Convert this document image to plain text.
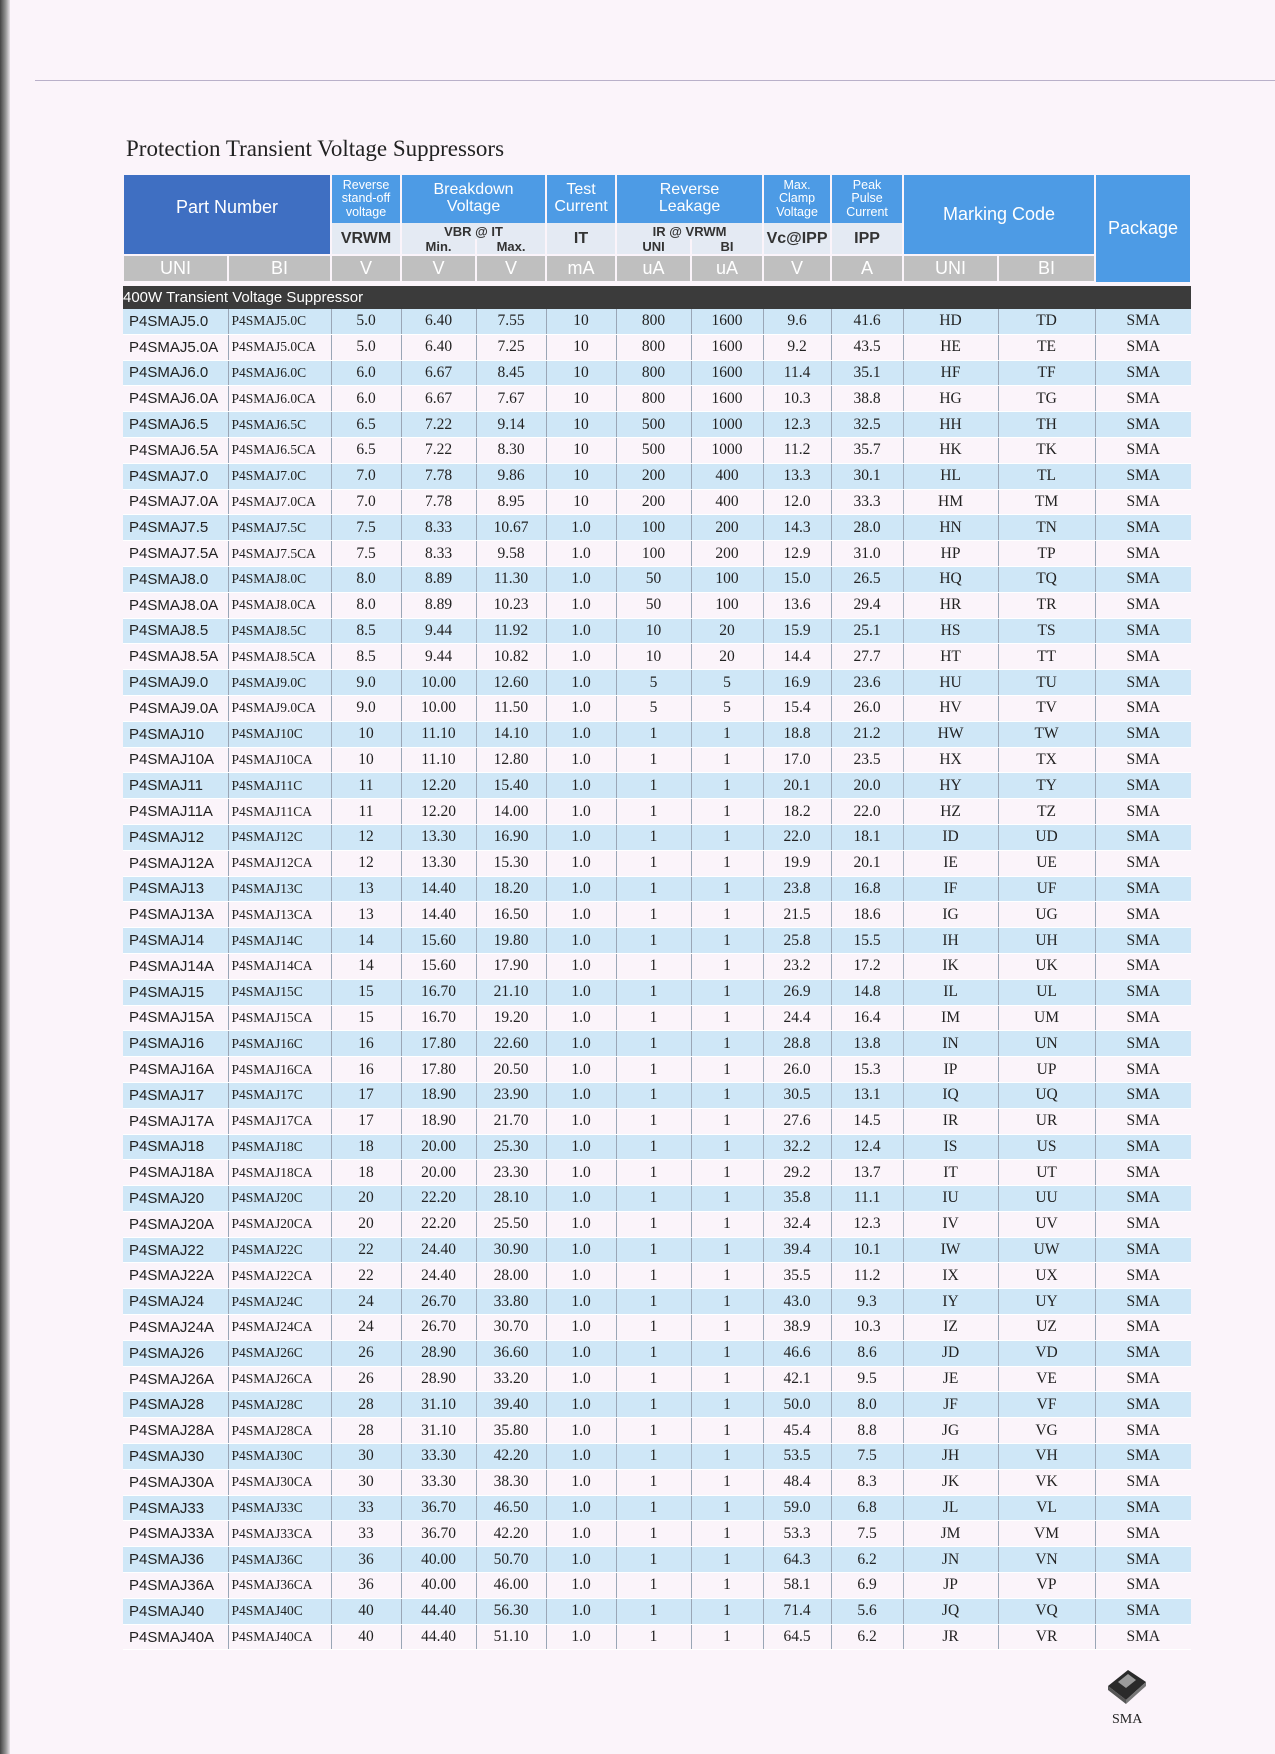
Protection Transient Voltage Suppressors
Part Number		Reverse
stand-off
voltage	Breakdown
Voltage		Test
Current	Reverse
Leakage		Max.
Clamp
Voltage	Peak
Pulse
Current	Marking Code		Package
		VRWM	VBR @ IT		IT	IR @ VRWM		Vc@IPP	IPP			
			Min.	Max.		UNI	BI					
UNI	BI	V	V	V	mA	uA	uA	V	A	UNI	BI	

400W Transient Voltage Suppressor												
P4SMAJ5.0	P4SMAJ5.0C	5.0	6.40	7.55	10	800	1600	9.6	41.6	HD	TD	SMA
P4SMAJ5.0A	P4SMAJ5.0CA	5.0	6.40	7.25	10	800	1600	9.2	43.5	HE	TE	SMA
P4SMAJ6.0	P4SMAJ6.0C	6.0	6.67	8.45	10	800	1600	11.4	35.1	HF	TF	SMA
P4SMAJ6.0A	P4SMAJ6.0CA	6.0	6.67	7.67	10	800	1600	10.3	38.8	HG	TG	SMA
P4SMAJ6.5	P4SMAJ6.5C	6.5	7.22	9.14	10	500	1000	12.3	32.5	HH	TH	SMA
P4SMAJ6.5A	P4SMAJ6.5CA	6.5	7.22	8.30	10	500	1000	11.2	35.7	HK	TK	SMA
P4SMAJ7.0	P4SMAJ7.0C	7.0	7.78	9.86	10	200	400	13.3	30.1	HL	TL	SMA
P4SMAJ7.0A	P4SMAJ7.0CA	7.0	7.78	8.95	10	200	400	12.0	33.3	HM	TM	SMA
P4SMAJ7.5	P4SMAJ7.5C	7.5	8.33	10.67	1.0	100	200	14.3	28.0	HN	TN	SMA
P4SMAJ7.5A	P4SMAJ7.5CA	7.5	8.33	9.58	1.0	100	200	12.9	31.0	HP	TP	SMA
P4SMAJ8.0	P4SMAJ8.0C	8.0	8.89	11.30	1.0	50	100	15.0	26.5	HQ	TQ	SMA
P4SMAJ8.0A	P4SMAJ8.0CA	8.0	8.89	10.23	1.0	50	100	13.6	29.4	HR	TR	SMA
P4SMAJ8.5	P4SMAJ8.5C	8.5	9.44	11.92	1.0	10	20	15.9	25.1	HS	TS	SMA
P4SMAJ8.5A	P4SMAJ8.5CA	8.5	9.44	10.82	1.0	10	20	14.4	27.7	HT	TT	SMA
P4SMAJ9.0	P4SMAJ9.0C	9.0	10.00	12.60	1.0	5	5	16.9	23.6	HU	TU	SMA
P4SMAJ9.0A	P4SMAJ9.0CA	9.0	10.00	11.50	1.0	5	5	15.4	26.0	HV	TV	SMA
P4SMAJ10	P4SMAJ10C	10	11.10	14.10	1.0	1	1	18.8	21.2	HW	TW	SMA
P4SMAJ10A	P4SMAJ10CA	10	11.10	12.80	1.0	1	1	17.0	23.5	HX	TX	SMA
P4SMAJ11	P4SMAJ11C	11	12.20	15.40	1.0	1	1	20.1	20.0	HY	TY	SMA
P4SMAJ11A	P4SMAJ11CA	11	12.20	14.00	1.0	1	1	18.2	22.0	HZ	TZ	SMA
P4SMAJ12	P4SMAJ12C	12	13.30	16.90	1.0	1	1	22.0	18.1	ID	UD	SMA
P4SMAJ12A	P4SMAJ12CA	12	13.30	15.30	1.0	1	1	19.9	20.1	IE	UE	SMA
P4SMAJ13	P4SMAJ13C	13	14.40	18.20	1.0	1	1	23.8	16.8	IF	UF	SMA
P4SMAJ13A	P4SMAJ13CA	13	14.40	16.50	1.0	1	1	21.5	18.6	IG	UG	SMA
P4SMAJ14	P4SMAJ14C	14	15.60	19.80	1.0	1	1	25.8	15.5	IH	UH	SMA
P4SMAJ14A	P4SMAJ14CA	14	15.60	17.90	1.0	1	1	23.2	17.2	IK	UK	SMA
P4SMAJ15	P4SMAJ15C	15	16.70	21.10	1.0	1	1	26.9	14.8	IL	UL	SMA
P4SMAJ15A	P4SMAJ15CA	15	16.70	19.20	1.0	1	1	24.4	16.4	IM	UM	SMA
P4SMAJ16	P4SMAJ16C	16	17.80	22.60	1.0	1	1	28.8	13.8	IN	UN	SMA
P4SMAJ16A	P4SMAJ16CA	16	17.80	20.50	1.0	1	1	26.0	15.3	IP	UP	SMA
P4SMAJ17	P4SMAJ17C	17	18.90	23.90	1.0	1	1	30.5	13.1	IQ	UQ	SMA
P4SMAJ17A	P4SMAJ17CA	17	18.90	21.70	1.0	1	1	27.6	14.5	IR	UR	SMA
P4SMAJ18	P4SMAJ18C	18	20.00	25.30	1.0	1	1	32.2	12.4	IS	US	SMA
P4SMAJ18A	P4SMAJ18CA	18	20.00	23.30	1.0	1	1	29.2	13.7	IT	UT	SMA
P4SMAJ20	P4SMAJ20C	20	22.20	28.10	1.0	1	1	35.8	11.1	IU	UU	SMA
P4SMAJ20A	P4SMAJ20CA	20	22.20	25.50	1.0	1	1	32.4	12.3	IV	UV	SMA
P4SMAJ22	P4SMAJ22C	22	24.40	30.90	1.0	1	1	39.4	10.1	IW	UW	SMA
P4SMAJ22A	P4SMAJ22CA	22	24.40	28.00	1.0	1	1	35.5	11.2	IX	UX	SMA
P4SMAJ24	P4SMAJ24C	24	26.70	33.80	1.0	1	1	43.0	9.3	IY	UY	SMA
P4SMAJ24A	P4SMAJ24CA	24	26.70	30.70	1.0	1	1	38.9	10.3	IZ	UZ	SMA
P4SMAJ26	P4SMAJ26C	26	28.90	36.60	1.0	1	1	46.6	8.6	JD	VD	SMA
P4SMAJ26A	P4SMAJ26CA	26	28.90	33.20	1.0	1	1	42.1	9.5	JE	VE	SMA
P4SMAJ28	P4SMAJ28C	28	31.10	39.40	1.0	1	1	50.0	8.0	JF	VF	SMA
P4SMAJ28A	P4SMAJ28CA	28	31.10	35.80	1.0	1	1	45.4	8.8	JG	VG	SMA
P4SMAJ30	P4SMAJ30C	30	33.30	42.20	1.0	1	1	53.5	7.5	JH	VH	SMA
P4SMAJ30A	P4SMAJ30CA	30	33.30	38.30	1.0	1	1	48.4	8.3	JK	VK	SMA
P4SMAJ33	P4SMAJ33C	33	36.70	46.50	1.0	1	1	59.0	6.8	JL	VL	SMA
P4SMAJ33A	P4SMAJ33CA	33	36.70	42.20	1.0	1	1	53.3	7.5	JM	VM	SMA
P4SMAJ36	P4SMAJ36C	36	40.00	50.70	1.0	1	1	64.3	6.2	JN	VN	SMA
P4SMAJ36A	P4SMAJ36CA	36	40.00	46.00	1.0	1	1	58.1	6.9	JP	VP	SMA
P4SMAJ40	P4SMAJ40C	40	44.40	56.30	1.0	1	1	71.4	5.6	JQ	VQ	SMA
P4SMAJ40A	P4SMAJ40CA	40	44.40	51.10	1.0	1	1	64.5	6.2	JR	VR	SMA
SMA
